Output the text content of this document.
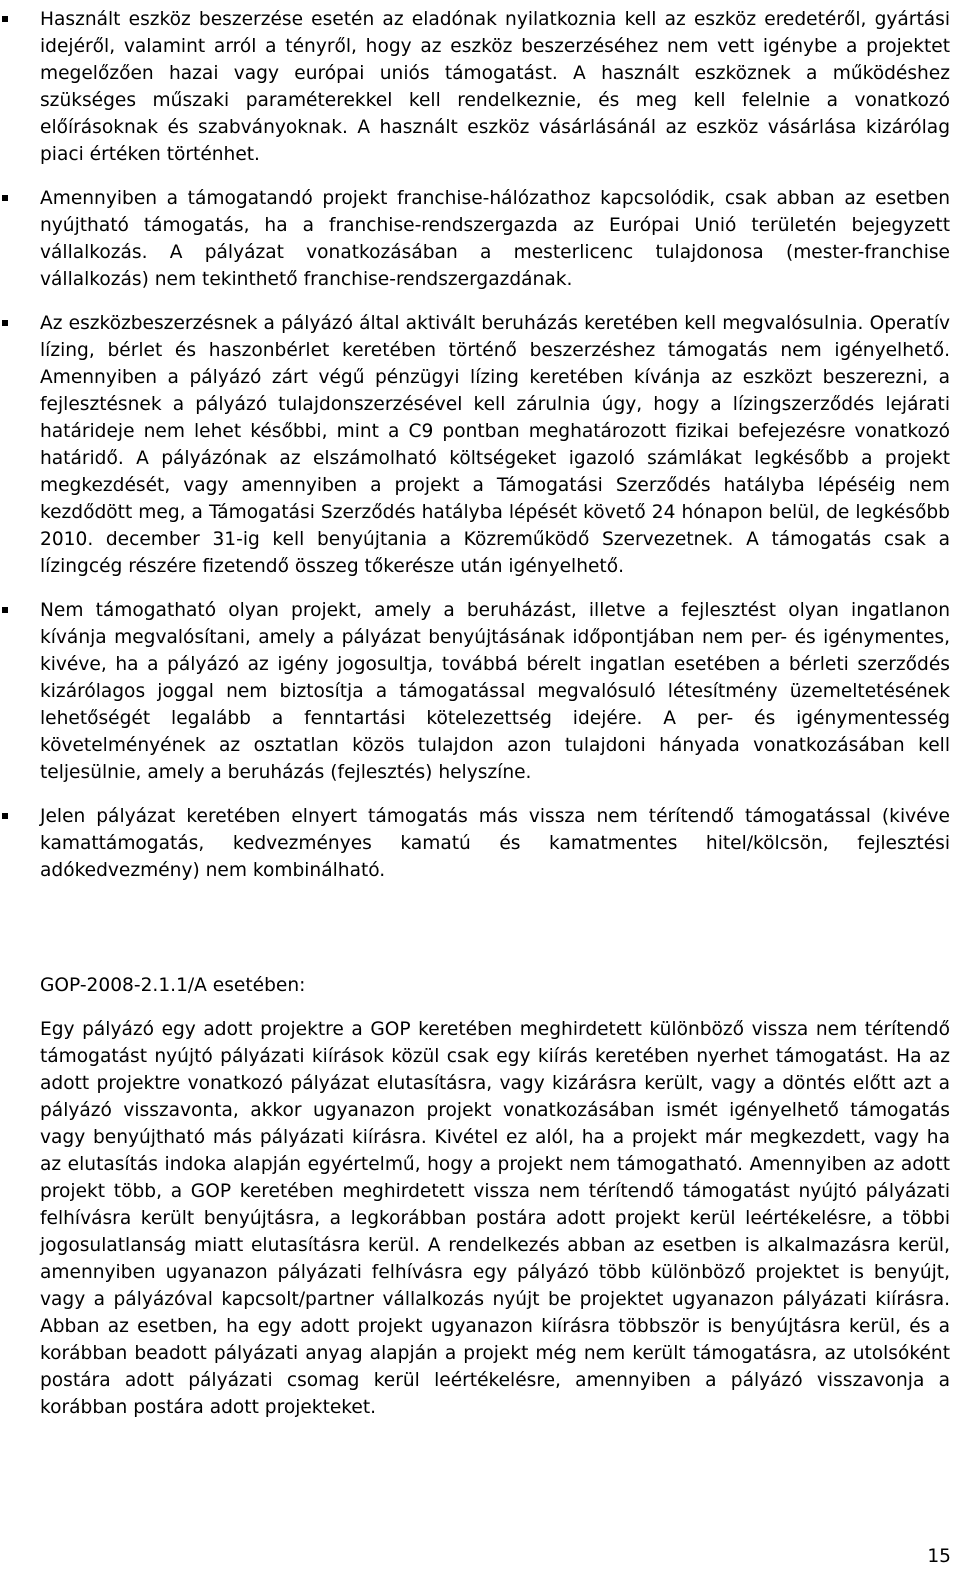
Használt eszköz beszerzése esetén az eladónak nyilatkoznia kell az eszköz eredetéről, gyártási idejéről, valamint arról a tényről, hogy az eszköz beszerzéséhez nem vett igénybe a projektet megelőzően hazai vagy európai uniós támogatást. A használt eszköznek a működéshez szükséges műszaki paraméterekkel kell rendelkeznie, és meg kell felelnie a vonatkozó előírásoknak és szabványoknak. A használt eszköz vásárlásánál az eszköz vásárlása kizárólag piaci értéken történhet.
Amennyiben a támogatandó projekt franchise-hálózathoz kapcsolódik, csak abban az esetben nyújtható támogatás, ha a franchise-rendszergazda az Európai Unió területén bejegyzett vállalkozás. A pályázat vonatkozásában a mesterlicenc tulajdonosa (mester-franchise vállalkozás) nem tekinthető franchise-rendszergazdának.
Az eszközbeszerzésnek a pályázó által aktivált beruházás keretében kell megvalósulnia. Operatív lízing, bérlet és haszonbérlet keretében történő beszerzéshez támogatás nem igényelhető. Amennyiben a pályázó zárt végű pénzügyi lízing keretében kívánja az eszközt beszerezni, a fejlesztésnek a pályázó tulajdonszerzésével kell zárulnia úgy, hogy a lízingszerződés lejárati határideje nem lehet későbbi, mint a C9 pontban meghatározott fizikai befejezésre vonatkozó határidő. A pályázónak az elszámolható költségeket igazoló számlákat legkésőbb a projekt megkezdését, vagy amennyiben a projekt a Támogatási Szerződés hatályba lépéséig nem kezdődött meg, a Támogatási Szerződés hatályba lépését követő 24 hónapon belül, de legkésőbb 2010. december 31-ig kell benyújtania a Közreműködő Szervezetnek. A támogatás csak a lízingcég részére fizetendő összeg tőkerésze után igényelhető.
Nem támogatható olyan projekt, amely a beruházást, illetve a fejlesztést olyan ingatlanon kívánja megvalósítani, amely a pályázat benyújtásának időpontjában nem per- és igénymentes, kivéve, ha a pályázó az igény jogosultja, továbbá bérelt ingatlan esetében a bérleti szerződés kizárólagos joggal nem biztosítja a támogatással megvalósuló létesítmény üzemeltetésének lehetőségét legalább a fenntartási kötelezettség idejére. A per- és igénymentesség követelményének az osztatlan közös tulajdon azon tulajdoni hányada vonatkozásában kell teljesülnie, amely a beruházás (fejlesztés) helyszíne.
Jelen pályázat keretében elnyert támogatás más vissza nem térítendő támogatással (kivéve kamattámogatás, kedvezményes kamatú és kamatmentes hitel/kölcsön, fejlesztési adókedvezmény) nem kombinálható.
GOP-2008-2.1.1/A esetében:

Egy pályázó egy adott projektre a GOP keretében meghirdetett különböző vissza nem térítendő támogatást nyújtó pályázati kiírások közül csak egy kiírás keretében nyerhet támogatást. Ha az adott projektre vonatkozó pályázat elutasításra, vagy kizárásra került, vagy a döntés előtt azt a pályázó visszavonta, akkor ugyanazon projekt vonatkozásában ismét igényelhető támogatás vagy benyújtható más pályázati kiírásra. Kivétel ez alól, ha a projekt már megkezdett, vagy ha az elutasítás indoka alapján egyértelmű, hogy a projekt nem támogatható. Amennyiben az adott projekt több, a GOP keretében meghirdetett vissza nem térítendő támogatást nyújtó pályázati felhívásra került benyújtásra, a legkorábban postára adott projekt kerül leértékelésre, a többi jogosulatlanság miatt elutasításra kerül. A rendelkezés abban az esetben is alkalmazásra kerül, amennyiben ugyanazon pályázati felhívásra egy pályázó több különböző projektet is benyújt, vagy a pályázóval kapcsolt/partner vállalkozás nyújt be projektet ugyanazon pályázati kiírásra. Abban az esetben, ha egy adott projekt ugyanazon kiírásra többször is benyújtásra kerül, és a korábban beadott pályázati anyag alapján a projekt még nem került támogatásra, az utolsóként postára adott pályázati csomag kerül leértékelésre, amennyiben a pályázó visszavonja a korábban postára adott projekteket.

15
